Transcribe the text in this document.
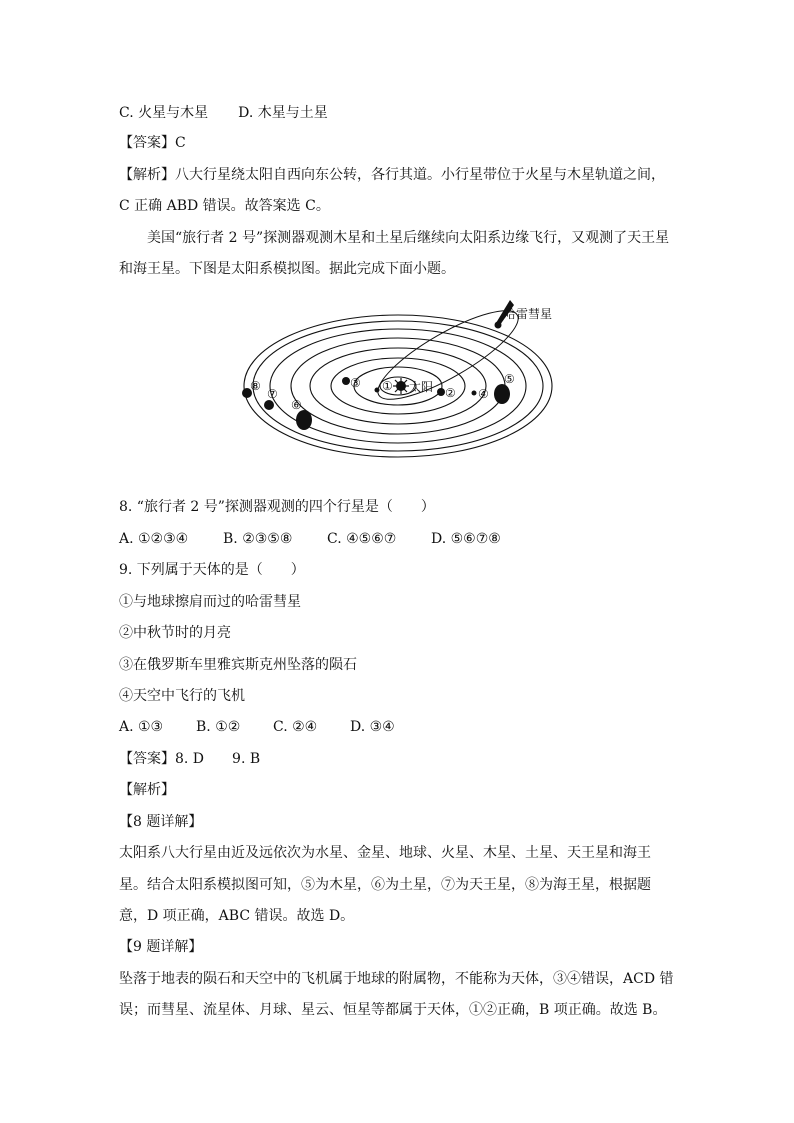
C. 火星与木星 D. 木星与土星
【答案】C
【解析】八大行星绕太阳自西向东公转，各行其道。小行星带位于火星与木星轨道之间，
C 正确 ABD 错误。故答案选 C。
美国“旅行者 2 号”探测器观测木星和土星后继续向太阳系边缘飞行，又观测了天王星
和海王星。下图是太阳系模拟图。据此完成下面小题。
哈雷彗星
太阳
①	②
③
④
⑤
⑥
⑦
⑧
8. “旅行者 2 号”探测器观测的四个行星是（　　）
A. ①②③④ B. ②③⑤⑧ C. ④⑤⑥⑦ D. ⑤⑥⑦⑧
9. 下列属于天体的是（　　）
①与地球擦肩而过的哈雷彗星
②中秋节时的月亮
③在俄罗斯车里雅宾斯克州坠落的陨石
④天空中飞行的飞机
A. ①③ B. ①② C. ②④ D. ③④
【答案】8. D　　9. B
【解析】
【8 题详解】
太阳系八大行星由近及远依次为水星、金星、地球、火星、木星、土星、天王星和海王
星。结合太阳系模拟图可知，⑤为木星，⑥为土星，⑦为天王星，⑧为海王星，根据题
意，D 项正确，ABC 错误。故选 D。
【9 题详解】
坠落于地表的陨石和天空中的飞机属于地球的附属物，不能称为天体，③④错误，ACD 错
误；而彗星、流星体、月球、星云、恒星等都属于天体，①②正确，B 项正确。故选 B。
